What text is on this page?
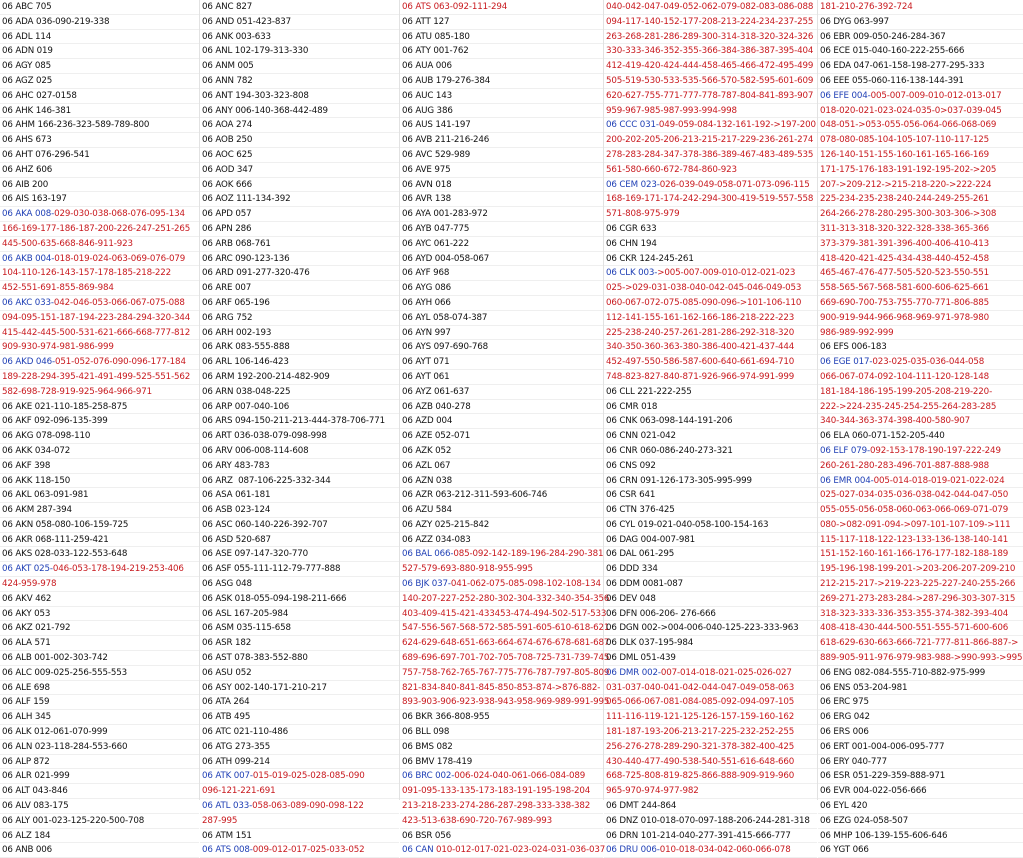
06 ABC 705
06 ADA 036-090-219-338
06 ADL 114
06 ADN 019
06 AGY 085
06 AGZ 025
06 AHC 027-0158
06 AHK 146-381
06 AHM 166-236-323-589-789-800
06 AHS 673
06 AHT 076-296-541
06 AHZ 606
06 AIB 200
06 AIS 163-197
06 AKA 008-029-030-038-068-076-095-134
166-169-177-186-187-200-226-247-251-265
445-500-635-668-846-911-923
06 AKB 004-018-019-024-063-069-076-079
104-110-126-143-157-178-185-218-222
452-551-691-855-869-984
06 AKC 033-042-046-053-066-067-075-088
094-095-151-187-194-223-284-294-320-344
415-442-445-500-531-621-666-668-777-812
909-930-974-981-986-999
06 AKD 046-051-052-076-090-096-177-184
189-228-294-395-421-491-499-525-551-562
582-698-728-919-925-964-966-971
06 AKE 021-110-185-258-875
06 AKF 092-096-135-399
06 AKG 078-098-110
06 AKK 034-072
06 AKF 398
06 AKK 118-150
06 AKL 063-091-981
06 AKM 287-394
06 AKN 058-080-106-159-725
06 AKR 068-111-259-421
06 AKS 028-033-122-553-648
06 AKT 025-046-053-178-194-219-253-406
424-959-978
06 AKV 462
06 AKY 053
06 AKZ 021-792
06 ALA 571
06 ALB 001-002-303-742
06 ALC 009-025-256-555-553
06 ALE 698
06 ALF 159
06 ALH 345
06 ALK 012-061-070-999
06 ALN 023-118-284-553-660
06 ALP 872
06 ALR 021-999
06 ALT 043-846
06 ALV 083-175
06 ALY 001-023-125-220-500-708
06 ALZ 184
06 ANB 006
06 ANC 827
06 AND 051-423-837
06 ANK 003-633
06 ANL 102-179-313-330
06 ANM 005
06 ANN 782
06 ANT 194-303-323-808
06 ANY 006-140-368-442-489
06 AOA 274
06 AOB 250
06 AOC 625
06 AOD 347
06 AOK 666
06 AOZ 111-134-392
06 APD 057
06 APN 286
06 ARB 068-761
06 ARC 090-123-136
06 ARD 091-277-320-476
06 ARE 007
06 ARF 065-196
06 ARG 752
06 ARH 002-193
06 ARK 083-555-888
06 ARL 106-146-423
06 ARM 192-200-214-482-909
06 ARN 038-048-225
06 ARP 007-040-106
06 ARS 094-150-211-213-444-378-706-771
06 ART 036-038-079-098-998
06 ARV 006-008-114-608
06 ARY 483-783
06 ARZ  087-106-225-332-344
06 ASA 061-181
06 ASB 023-124
06 ASC 060-140-226-392-707
06 ASD 520-687
06 ASE 097-147-320-770
06 ASF 055-111-112-79-777-888
06 ASG 048
06 ASK 018-055-094-198-211-666
06 ASL 167-205-984
06 ASM 035-115-658
06 ASR 182
06 AST 078-383-552-880
06 ASU 052
06 ASY 002-140-171-210-217
06 ATA 264
06 ATB 495
06 ATC 021-110-486
06 ATG 273-355
06 ATH 099-214
06 ATK 007-015-019-025-028-085-090
096-121-221-691
06 ATL 033-058-063-089-090-098-122
287-995
06 ATM 151
06 ATS 008-009-012-017-025-033-052
06 ATS 063-092-111-294
06 ATT 127
06 ATU 085-180
06 ATY 001-762
06 AUA 006
06 AUB 179-276-384
06 AUC 143
06 AUG 386
06 AUS 141-197
06 AVB 211-216-246
06 AVC 529-989
06 AVE 975
06 AVN 018
06 AVR 138
06 AYA 001-283-972
06 AYB 047-775
06 AYC 061-222
06 AYD 004-058-067
06 AYF 968
06 AYG 086
06 AYH 066
06 AYL 058-074-387
06 AYN 997
06 AYS 097-690-768
06 AYT 071
06 AYT 061
06 AYZ 061-637
06 AZB 040-278
06 AZD 004
06 AZE 052-071
06 AZK 052
06 AZL 067
06 AZN 038
06 AZR 063-212-311-593-606-746
06 AZU 584
06 AZY 025-215-842
06 AZZ 034-083
06 BAL 066-085-092-142-189-196-284-290-381
527-579-693-880-918-955-995
06 BJK 037-041-062-075-085-098-102-108-134
140-207-227-252-280-302-304-332-340-354-356
403-409-415-421-433453-474-494-502-517-533
547-556-567-568-572-585-591-605-610-618-621
624-629-648-651-663-664-674-676-678-681-687
689-696-697-701-702-705-708-725-731-739-745
757-758-762-765-767-775-776-787-797-805-809
821-834-840-841-845-850-853-874->876-882-
893-903-906-923-938-943-958-969-989-991-995
06 BKR 366-808-955
06 BLL 098
06 BMS 082
06 BMV 178-419
06 BRC 002-006-024-040-061-066-084-089
091-095-133-135-173-183-191-195-198-204
213-218-233-274-286-287-298-333-338-382
423-513-638-690-720-767-989-993
06 BSR 056
06 CAN 010-012-017-021-023-024-031-036-037
040-042-047-049-052-062-079-082-083-086-088
094-117-140-152-177-208-213-224-234-237-255
263-268-281-286-289-300-314-318-320-324-326
330-333-346-352-355-366-384-386-387-395-404
412-419-420-424-444-458-465-466-472-495-499
505-519-530-533-535-566-570-582-595-601-609
620-627-755-771-777-778-787-804-841-893-907
959-967-985-987-993-994-998
06 CCC 031-049-059-084-132-161-192->197-200
200-202-205-206-213-215-217-229-236-261-274
278-283-284-347-378-386-389-467-483-489-535
561-580-660-672-784-860-923
06 CEM 023-026-039-049-058-071-073-096-115
168-169-171-174-242-294-300-419-519-557-558
571-808-975-979
06 CGR 633
06 CHN 194
06 CKR 124-245-261
06 CLK 003->005-007-009-010-012-021-023
025->029-031-038-040-042-045-046-049-053
060-067-072-075-085-090-096->101-106-110
112-141-155-161-162-166-186-218-222-223
225-238-240-257-261-281-286-292-318-320
340-350-360-363-380-386-400-421-437-444
452-497-550-586-587-600-640-661-694-710
748-823-827-840-871-926-966-974-991-999
06 CLL 221-222-255
06 CMR 018
06 CNK 063-098-144-191-206
06 CNN 021-042
06 CNR 060-086-240-273-321
06 CNS 092
06 CRN 091-126-173-305-995-999
06 CSR 641
06 CTN 376-425
06 CYL 019-021-040-058-100-154-163
06 DAG 004-007-981
06 DAL 061-295
06 DDD 334
06 DDM 0081-087
06 DEV 048
06 DFN 006-206- 276-666
06 DGN 002->004-006-040-125-223-333-963
06 DLK 037-195-984
06 DML 051-439
06 DMR 002-007-014-018-021-025-026-027
031-037-040-041-042-044-047-049-058-063
065-066-067-081-084-085-092-094-097-105
111-116-119-121-125-126-157-159-160-162
181-187-193-206-213-217-225-232-252-255
256-276-278-289-290-321-378-382-400-425
430-440-477-490-538-540-551-616-648-660
668-725-808-819-825-866-888-909-919-960
965-970-974-977-982
06 DMT 244-864
06 DNZ 010-018-070-097-188-206-244-281-318
06 DRN 101-214-040-277-391-415-666-777
06 DRU 006-010-018-034-042-060-066-078
181-210-276-392-724
06 DYG 063-997
06 EBR 009-050-246-284-367
06 ECE 015-040-160-222-255-666
06 EDA 047-061-158-198-277-295-333
06 EEE 055-060-116-138-144-391
06 EFE 004-005-007-009-010-012-013-017
018-020-021-023-024-035-0>037-039-045
048-051->053-055-056-064-066-068-069
078-080-085-104-105-107-110-117-125
126-140-151-155-160-161-165-166-169
171-175-176-183-191-192-195-202->205
207->209-212->215-218-220->222-224
225-234-235-238-240-244-249-255-261
264-266-278-280-295-300-303-306->308
311-313-318-320-322-328-338-365-366
373-379-381-391-396-400-406-410-413
418-420-421-425-434-438-440-452-458
465-467-476-477-505-520-523-550-551
558-565-567-568-581-600-606-625-661
669-690-700-753-755-770-771-806-885
900-919-944-966-968-969-971-978-980
986-989-992-999
06 EFS 006-183
06 EGE 017-023-025-035-036-044-058
066-067-074-092-104-111-120-128-148
181-184-186-195-199-205-208-219-220-
222->224-235-245-254-255-264-283-285
340-344-363-374-398-400-580-907
06 ELA 060-071-152-205-440
06 ELF 079-092-153-178-190-197-222-249
260-261-280-283-496-701-887-888-988
06 EMR 004-005-014-018-019-021-022-024
025-027-034-035-036-038-042-044-047-050
055-055-056-058-060-063-066-069-071-079
080->082-091-094->097-101-107-109->111
115-117-118-122-123-133-136-138-140-141
151-152-160-161-166-176-177-182-188-189
195-196-198-199-201->203-206-207-209-210
212-215-217->219-223-225-227-240-255-266
269-271-273-283-284->287-296-303-307-315
318-323-333-336-353-355-374-382-393-404
408-418-430-444-500-551-555-571-600-606
618-629-630-663-666-721-777-811-866-887->
889-905-911-976-979-983-988->990-993->995
06 ENG 082-084-555-710-882-975-999
06 ENS 053-204-981
06 ERC 975
06 ERG 042
06 ERS 006
06 ERT 001-004-006-095-777
06 ERY 040-777
06 ESR 051-229-359-888-971
06 EVR 004-022-056-666
06 EYL 420
06 EZG 024-058-507
06 MHP 106-139-155-606-646
06 YGT 066
